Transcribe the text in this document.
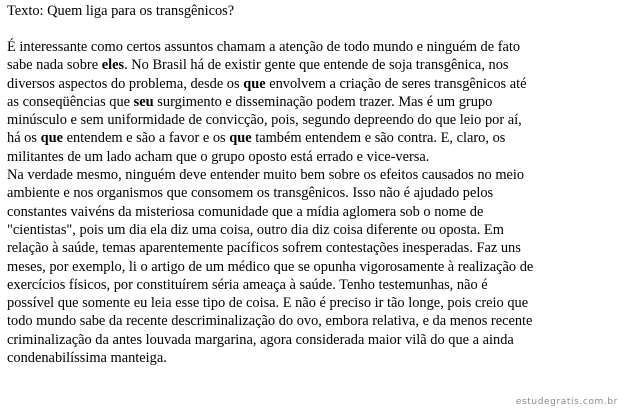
Texto: Quem liga para os transgênicos?

É interessante como certos assuntos chamam a atenção de todo mundo e ninguém de fato

sabe nada sobre eles. No Brasil há de existir gente que entende de soja transgênica, nos

diversos aspectos do problema, desde os que envolvem a criação de seres transgênicos até

as conseqüências que seu surgimento e disseminação podem trazer. Mas é um grupo

minúsculo e sem uniformidade de convicção, pois, segundo depreendo do que leio por aí,

há os que entendem e são a favor e os que também entendem e são contra. E, claro, os

militantes de um lado acham que o grupo oposto está errado e vice-versa.

Na verdade mesmo, ninguém deve entender muito bem sobre os efeitos causados no meio

ambiente e nos organismos que consomem os transgênicos. Isso não é ajudado pelos

constantes vaivéns da misteriosa comunidade que a mídia aglomera sob o nome de

"cientistas", pois um dia ela diz uma coisa, outro dia diz coisa diferente ou oposta. Em

relação à saúde, temas aparentemente pacíficos sofrem contestações inesperadas. Faz uns

meses, por exemplo, li o artigo de um médico que se opunha vigorosamente à realização de

exercícios físicos, por constituírem séria ameaça à saúde. Tenho testemunhas, não é

possível que somente eu leia esse tipo de coisa. E não é preciso ir tão longe, pois creio que

todo mundo sabe da recente descriminalização do ovo, embora relativa, e da menos recente

criminalização da antes louvada margarina, agora considerada maior vilã do que a ainda

condenabilíssima manteiga.

estudegratis.com.br
